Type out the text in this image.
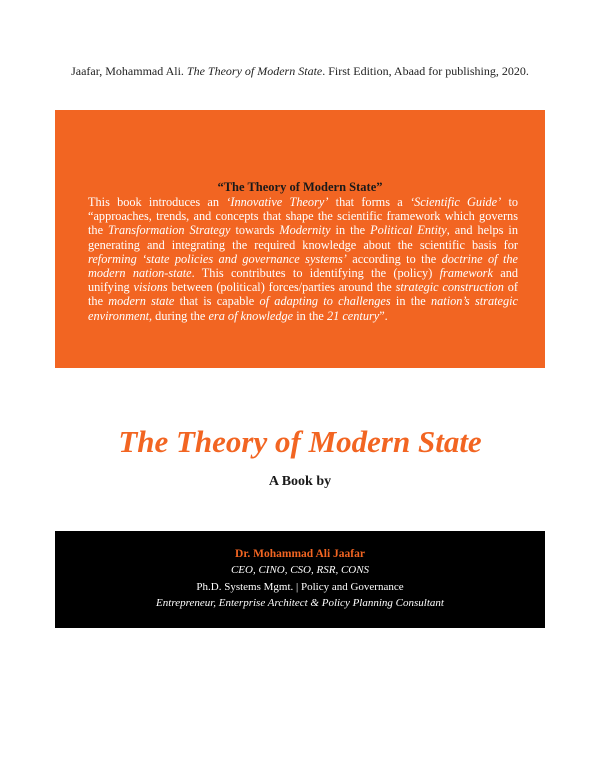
Jaafar, Mohammad Ali. The Theory of Modern State. First Edition, Abaad for publishing, 2020.
“The Theory of Modern State”
This book introduces an ‘Innovative Theory’ that forms a ‘Scientific Guide’ to “approaches, trends, and concepts that shape the scientific framework which governs the Transformation Strategy towards Modernity in the Political Entity, and helps in generating and integrating the required knowledge about the scientific basis for reforming ‘state policies and governance systems’ according to the doctrine of the modern nation-state. This contributes to identifying the (policy) framework and unifying visions between (political) forces/parties around the strategic construction of the modern state that is capable of adapting to challenges in the nation’s strategic environment, during the era of knowledge in the 21 century”.
The Theory of Modern State
A Book by
Dr. Mohammad Ali Jaafar
CEO, CINO, CSO, RSR, CONS
Ph.D. Systems Mgmt. | Policy and Governance
Entrepreneur, Enterprise Architect & Policy Planning Consultant
